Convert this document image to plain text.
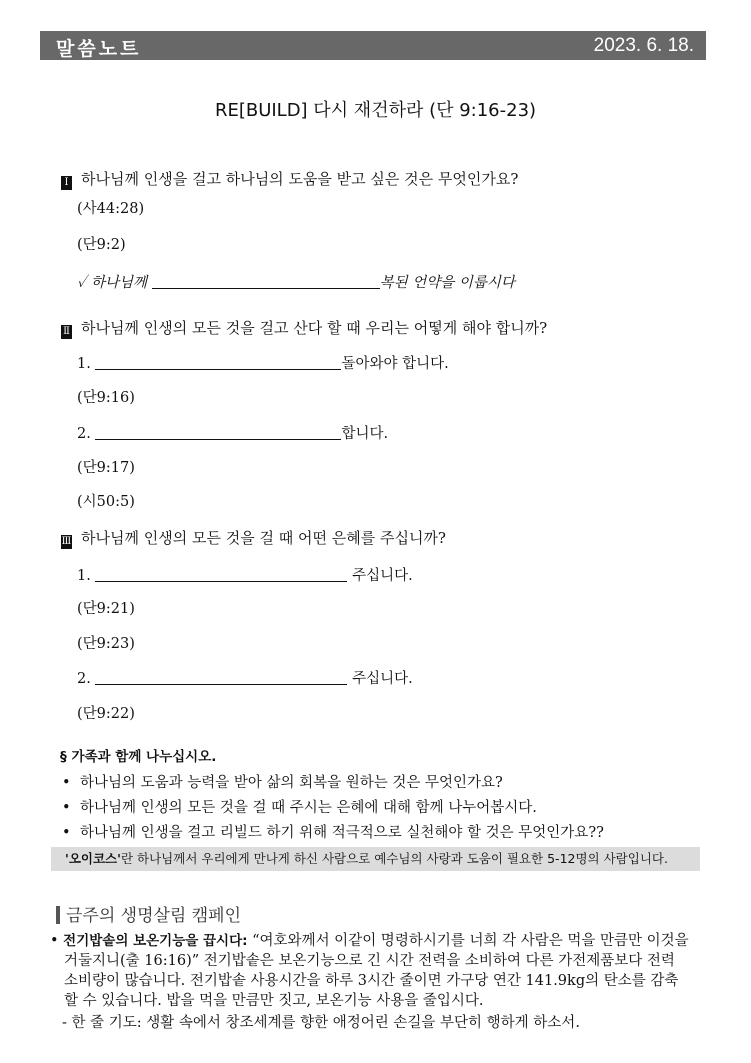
말씀노트	2023. 6. 18.
RE[BUILD] 다시 재건하라 (단 9:16-23)
Ⅰ 하나님께 인생을 걸고 하나님의 도움을 받고 싶은 것은 무엇인가요?
(사44:28)
(단9:2)
✓ 하나님께	복된 언약을 이룹시다
Ⅱ 하나님께 인생의 모든 것을 걸고 산다 할 때 우리는 어떻게 해야 합니까?
1.	돌아와야 합니다.
(단9:16)
2.	합니다.
(단9:17)
(시50:5)
Ⅲ 하나님께 인생의 모든 것을 걸 때 어떤 은혜를 주십니까?
1.	주십니다.
(단9:21)
(단9:23)
2.	주십니다.
(단9:22)
§ 가족과 함께 나누십시오.
• 하나님의 도움과 능력을 받아 삶의 회복을 원하는 것은 무엇인가요?
• 하나님께 인생의 모든 것을 걸 때 주시는 은혜에 대해 함께 나누어봅시다.
• 하나님께 인생을 걸고 리빌드 하기 위해 적극적으로 실천해야 할 것은 무엇인가요??
'오이코스'란 하나님께서 우리에게 만나게 하신 사람으로 예수님의 사랑과 도움이 필요한 5-12명의 사람입니다.
금주의 생명살림 캠페인
• 전기밥솥의 보온기능을 끕시다: “여호와께서 이같이 명령하시기를 너희 각 사람은 먹을 만큼만 이것을
거둘지니(출 16:16)” 전기밥솥은 보온기능으로 긴 시간 전력을 소비하여 다른 가전제품보다 전력
소비량이 많습니다. 전기밥솥 사용시간을 하루 3시간 줄이면 가구당 연간 141.9kg의 탄소를 감축
할 수 있습니다. 밥을 먹을 만큼만 짓고, 보온기능 사용을 줄입시다.
- 한 줄 기도: 생활 속에서 창조세계를 향한 애정어린 손길을 부단히 행하게 하소서.
